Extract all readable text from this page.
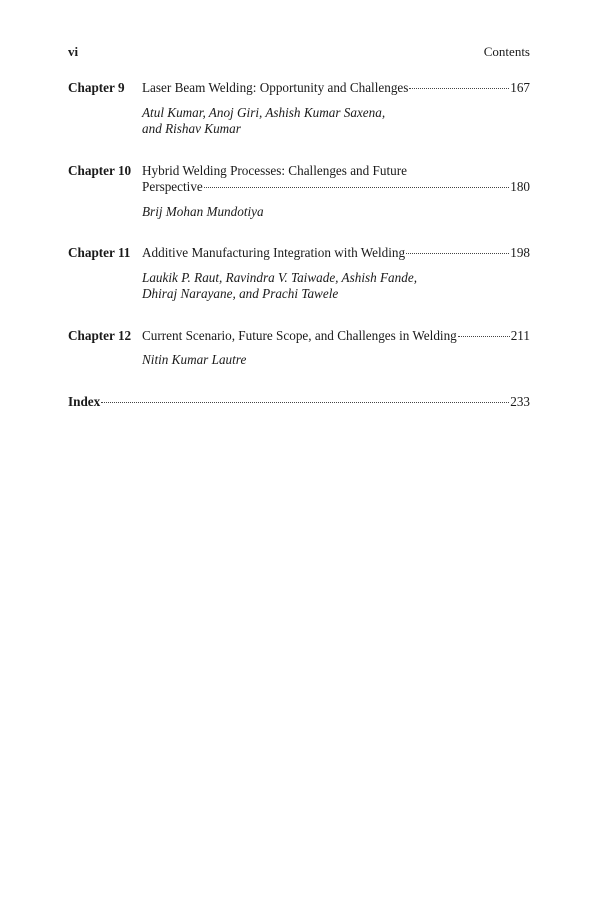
vi	Contents
Chapter 9	Laser Beam Welding: Opportunity and Challenges	167
Atul Kumar, Anoj Giri, Ashish Kumar Saxena,
and Rishav Kumar
Chapter 10 Hybrid Welding Processes: Challenges and Future
Perspective	180
Brij Mohan Mundotiya
Chapter 11 Additive Manufacturing Integration with Welding	198
Laukik P. Raut, Ravindra V. Taiwade, Ashish Fande,
Dhiraj Narayane, and Prachi Tawele
Chapter 12 Current Scenario, Future Scope, and Challenges in Welding	211
Nitin Kumar Lautre
Index	233
